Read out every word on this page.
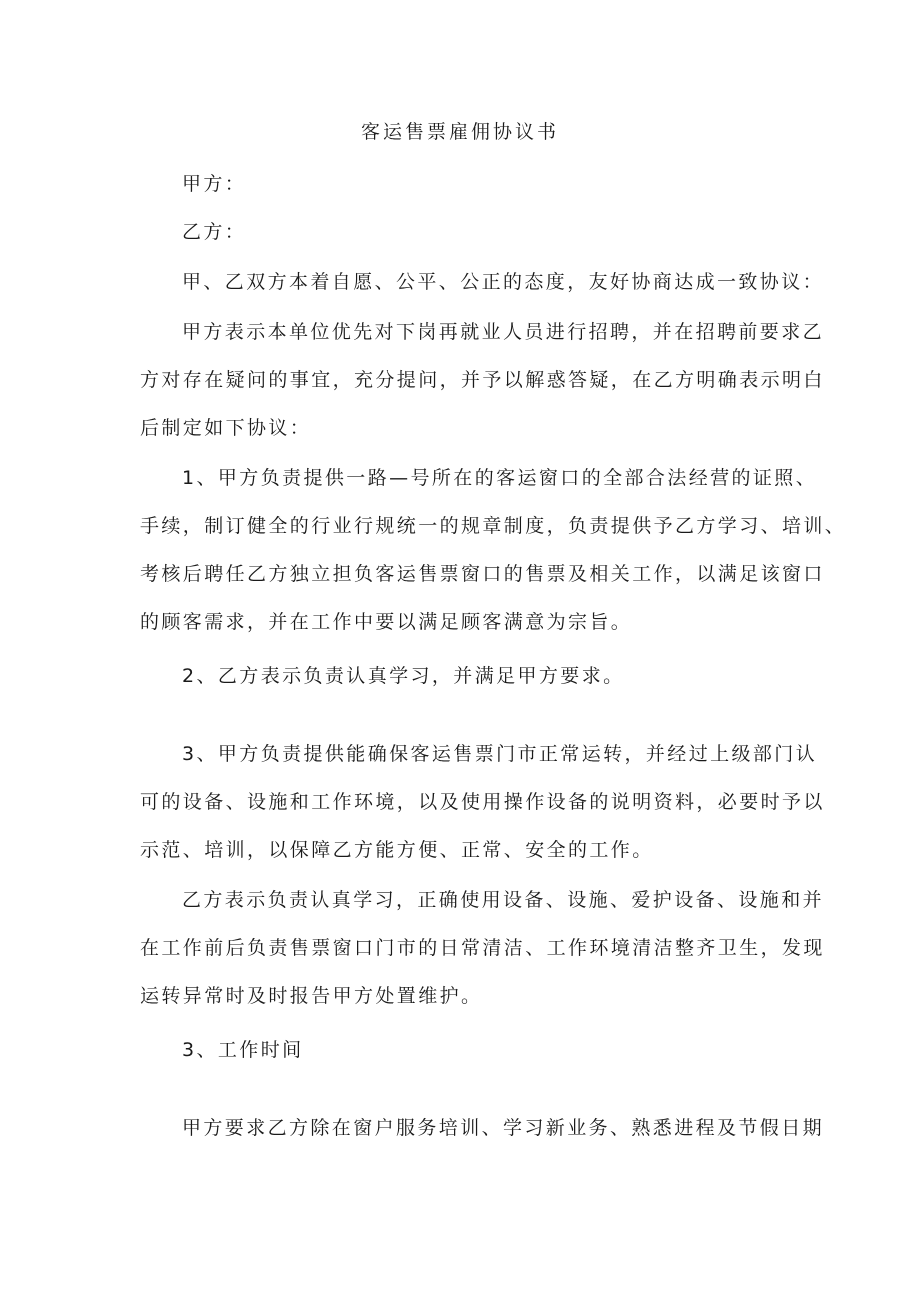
客运售票雇佣协议书
甲方：
乙方：
甲、乙双方本着自愿、公平、公正的态度，友好协商达成一致协议：
甲方表示本单位优先对下岗再就业人员进行招聘，并在招聘前要求乙
方对存在疑问的事宜，充分提问，并予以解惑答疑，在乙方明确表示明白
后制定如下协议：
1、甲方负责提供一路—号所在的客运窗口的全部合法经营的证照、
手续，制订健全的行业行规统一的规章制度，负责提供予乙方学习、培训、
考核后聘任乙方独立担负客运售票窗口的售票及相关工作，以满足该窗口
的顾客需求，并在工作中要以满足顾客满意为宗旨。
2、乙方表示负责认真学习，并满足甲方要求。
3、甲方负责提供能确保客运售票门市正常运转，并经过上级部门认
可的设备、设施和工作环境，以及使用操作设备的说明资料，必要时予以
示范、培训，以保障乙方能方便、正常、安全的工作。
乙方表示负责认真学习，正确使用设备、设施、爱护设备、设施和并
在工作前后负责售票窗口门市的日常清洁、工作环境清洁整齐卫生，发现
运转异常时及时报告甲方处置维护。
3、工作时间
甲方要求乙方除在窗户服务培训、学习新业务、熟悉进程及节假日期
